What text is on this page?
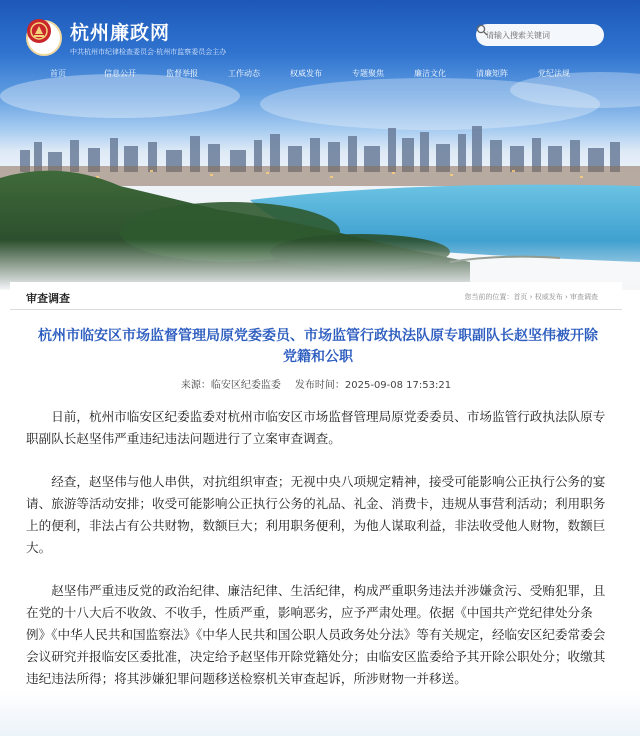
杭州廉政网
中共杭州市纪律检查委员会·杭州市监察委员会主办
请输入搜索关键词
首页	信息公开	监督举报	工作动态	权威发布	专题聚焦	廉洁文化	清廉矩阵	党纪法规
审查调查	您当前的位置：首页 › 权威发布 › 审查调查
杭州市临安区市场监督管理局原党委委员、市场监管行政执法队原专职副队长赵坚伟被开除党籍和公职
来源：临安区纪委监委 发布时间：2025-09-08 17:53:21

日前，杭州市临安区纪委监委对杭州市临安区市场监督管理局原党委委员、市场监管行政执法队原专职副队长赵坚伟严重违纪违法问题进行了立案审查调查。

经查，赵坚伟与他人串供，对抗组织审查；无视中央八项规定精神，接受可能影响公正执行公务的宴请、旅游等活动安排；收受可能影响公正执行公务的礼品、礼金、消费卡，违规从事营利活动；利用职务上的便利，非法占有公共财物，数额巨大；利用职务便利，为他人谋取利益，非法收受他人财物，数额巨大。

赵坚伟严重违反党的政治纪律、廉洁纪律、生活纪律，构成严重职务违法并涉嫌贪污、受贿犯罪，且在党的十八大后不收敛、不收手，性质严重，影响恶劣，应予严肃处理。依据《中国共产党纪律处分条例》《中华人民共和国监察法》《中华人民共和国公职人员政务处分法》等有关规定，经临安区纪委常委会会议研究并报临安区委批准，决定给予赵坚伟开除党籍处分；由临安区监委给予其开除公职处分；收缴其违纪违法所得；将其涉嫌犯罪问题移送检察机关审查起诉，所涉财物一并移送。
